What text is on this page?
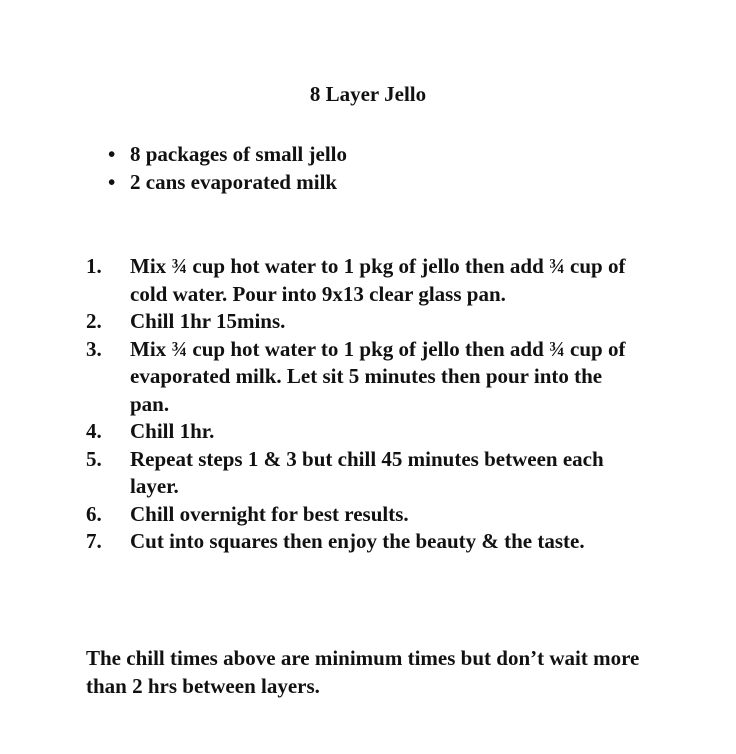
8 Layer Jello
• 8 packages of small jello
• 2 cans evaporated milk
1. Mix ¾ cup hot water to 1 pkg of jello then add ¾ cup of cold water. Pour into 9x13 clear glass pan.
2. Chill 1hr 15mins.
3. Mix ¾ cup hot water to 1 pkg of jello then add ¾ cup of evaporated milk. Let sit 5 minutes then pour into the pan.
4. Chill 1hr.
5. Repeat steps 1 & 3 but chill 45 minutes between each layer.
6. Chill overnight for best results.
7. Cut into squares then enjoy the beauty & the taste.

The chill times above are minimum times but don’t wait more than 2 hrs between layers.
